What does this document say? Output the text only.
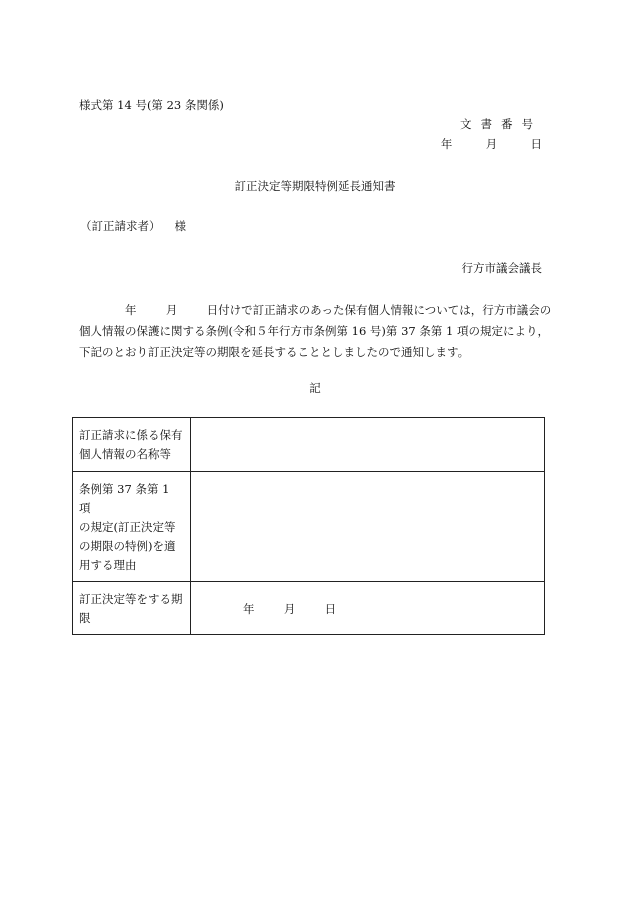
様式第 14 号(第 23 条関係)
文書番号
年	月	日
訂正決定等期限特例延長通知書
（訂正請求者） 様
行方市議会議長
年	月	日付けで訂正請求のあった保有個人情報については，行方市議会の
個人情報の保護に関する条例(令和５年行方市条例第 16 号)第 37 条第 1 項の規定により，
下記のとおり訂正決定等の期限を延長することとしましたので通知します。
記
訂正請求に係る保有
個人情報の名称等	

条例第 37 条第 1 項
の規定(訂正決定等
の期限の特例)を適
用する理由	

訂正決定等をする期
限	年 月 日
